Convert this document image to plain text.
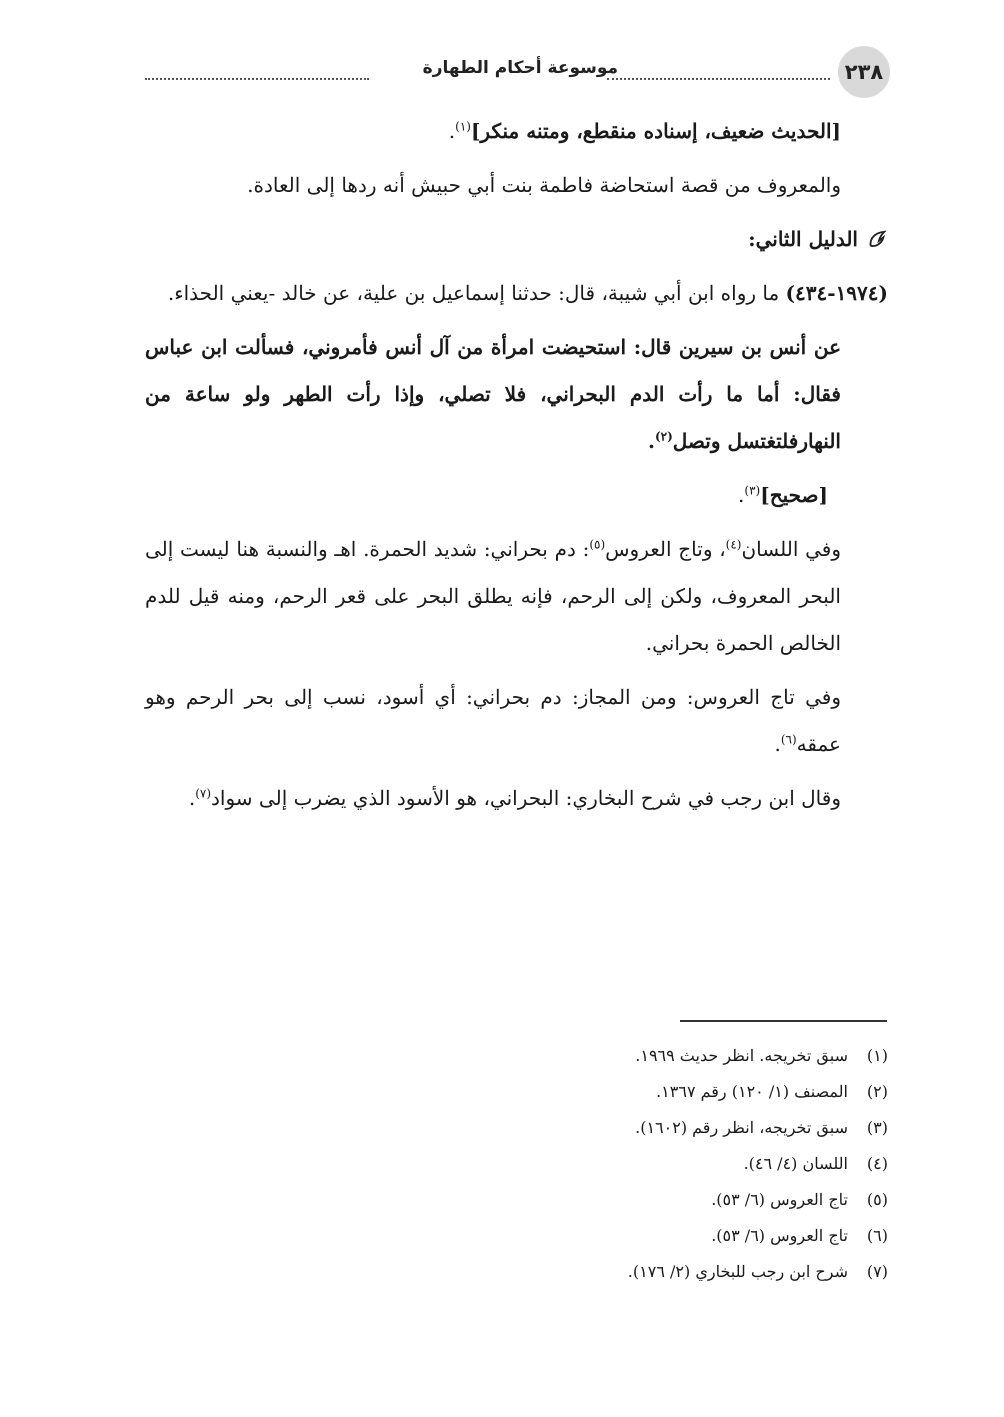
موسوعة أحكام الطهارة	٢٣٨

[الحديث ضعيف، إسناده منقطع، ومتنه منكر]$^{(١)}$.

والمعروف من قصة استحاضة فاطمة بنت أبي حبيش أنه ردها إلى العادة.

الدليل الثاني:

(١٩٧٤-٤٣٤) ما رواه ابن أبي شيبة، قال: حدثنا إسماعيل بن علية، عن خالد -يعني الحذاء.

عن أنس بن سيرين قال: استحيضت امرأة من آل أنس فأمروني، فسألت ابن عباس فقال: أما ما رأت الدم البحراني، فلا تصلي، وإذا رأت الطهر ولو ساعة من النهارفلتغتسل وتصل$^{(٢)}$.

[صحيح]$^{(٣)}$.

وفي اللسان$^{(٤)}$، وتاج العروس$^{(٥)}$: دم بحراني: شديد الحمرة. اهـ والنسبة هنا ليست إلى البحر المعروف، ولكن إلى الرحم، فإنه يطلق البحر على قعر الرحم، ومنه قيل للدم الخالص الحمرة بحراني.

وفي تاج العروس: ومن المجاز: دم بحراني: أي أسود، نسب إلى بحر الرحم وهو عمقه$^{(٦)}$.

وقال ابن رجب في شرح البخاري: البحراني، هو الأسود الذي يضرب إلى سواد$^{(٧)}$.

(١)سبق تخريجه. انظر حديث ١٩٦٩.
(٢)المصنف (١/ ١٢٠) رقم ١٣٦٧.
(٣)سبق تخريجه، انظر رقم (١٦٠٢).
(٤)اللسان (٤/ ٤٦).
(٥)تاج العروس (٦/ ٥٣).
(٦)تاج العروس (٦/ ٥٣).
(٧)شرح ابن رجب للبخاري (٢/ ١٧٦).
